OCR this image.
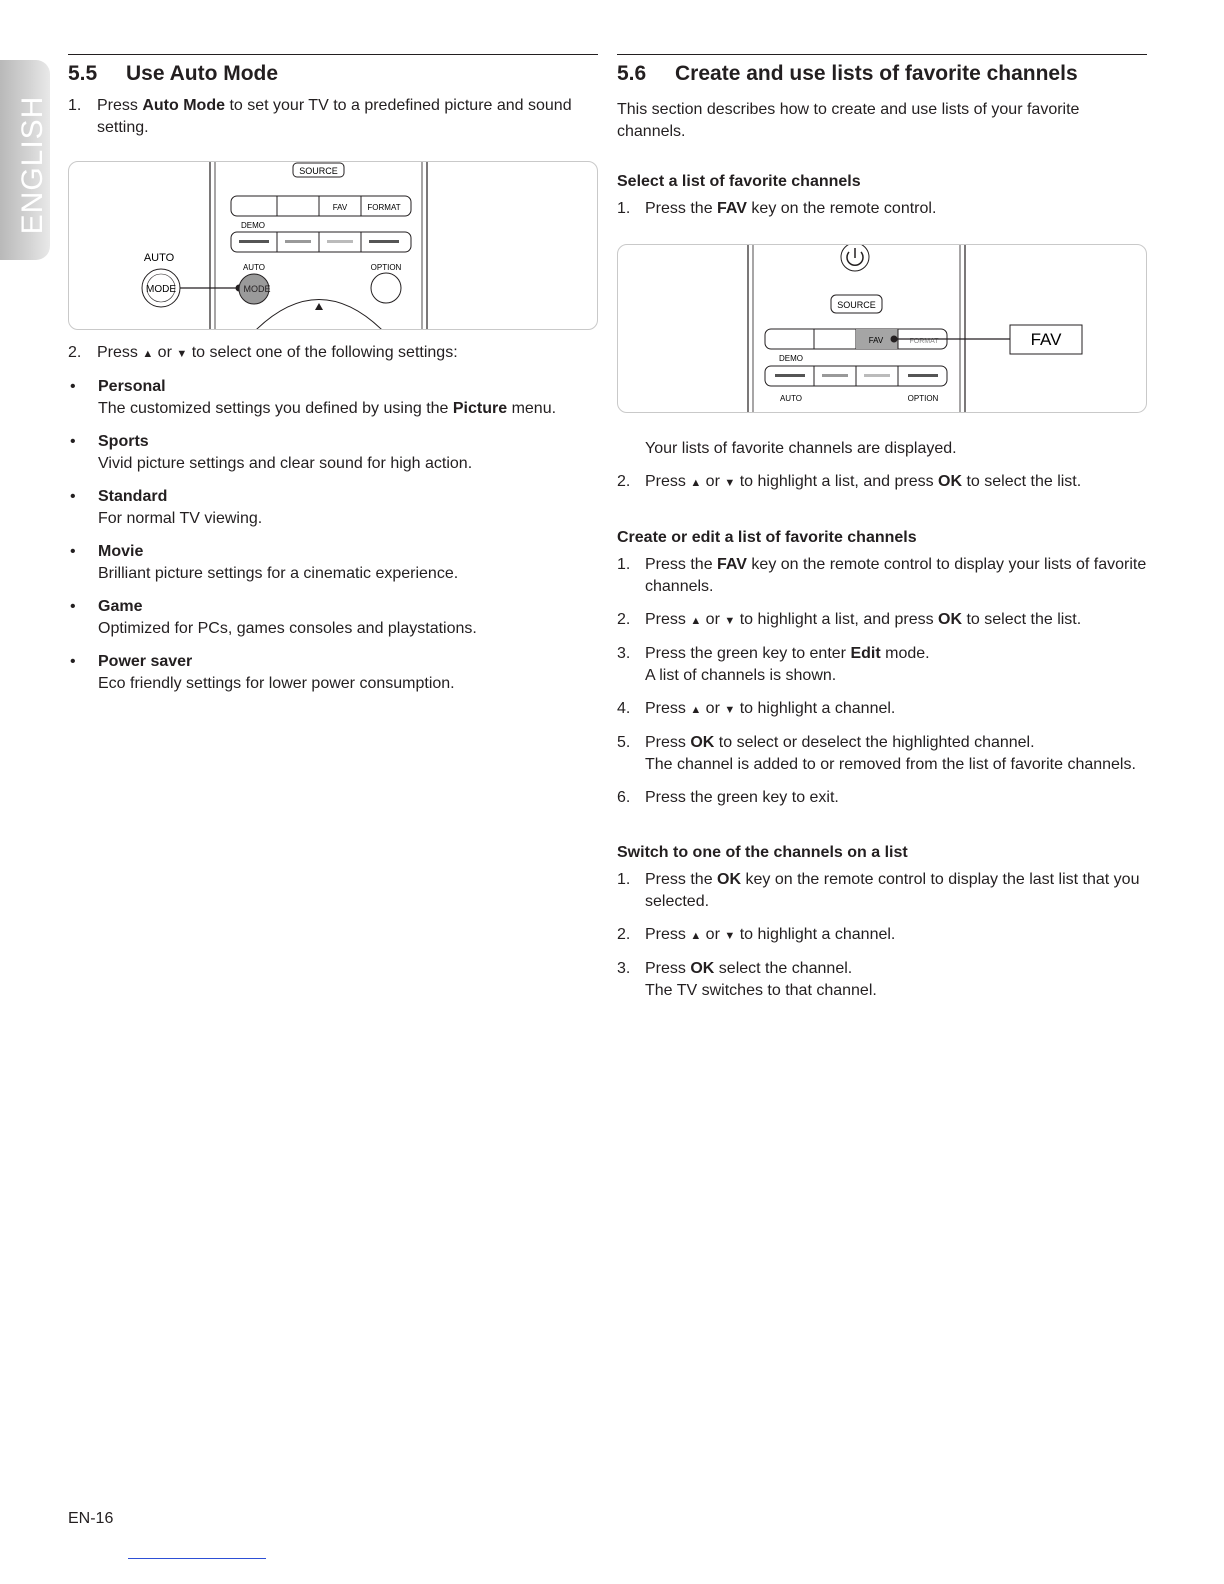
ENGLISH
5.5 Use Auto Mode
1. Press Auto Mode to set your TV to a predefined picture and sound setting.
SOURCE
FAV	FORMAT
DEMO
AUTO
MODE
AUTO	OPTION
MODE
2. Press ▲ or ▼ to select one of the following settings:
• Personal
The customized settings you defined by using the Picture menu.
• Sports
Vivid picture settings and clear sound for high action.
• Standard
For normal TV viewing.
• Movie
Brilliant picture settings for a cinematic experience.
• Game
Optimized for PCs, games consoles and playstations.
• Power saver
Eco friendly settings for lower power consumption.
5.6 Create and use lists of favorite channels

This section describes how to create and use lists of your favorite channels.

Select a list of favorite channels
1. Press the FAV key on the remote control.
SOURCE
FAV	FORMAT	FAV
DEMO
AUTO	OPTION

Your lists of favorite channels are displayed.

2. Press ▲ or ▼ to highlight a list, and press OK to select the list.
Create or edit a list of favorite channels
1. Press the FAV key on the remote control to display your lists of favorite channels.
2. Press ▲ or ▼ to highlight a list, and press OK to select the list.
3. Press the green key to enter Edit mode.
A list of channels is shown.
4. Press ▲ or ▼ to highlight a channel.
5. Press OK to select or deselect the highlighted channel.
The channel is added to or removed from the list of favorite channels.
6. Press the green key to exit.
Switch to one of the channels on a list
1. Press the OK key on the remote control to display the last list that you selected.
2. Press ▲ or ▼ to highlight a channel.
3. Press OK select the channel.
The TV switches to that channel.
EN-16
